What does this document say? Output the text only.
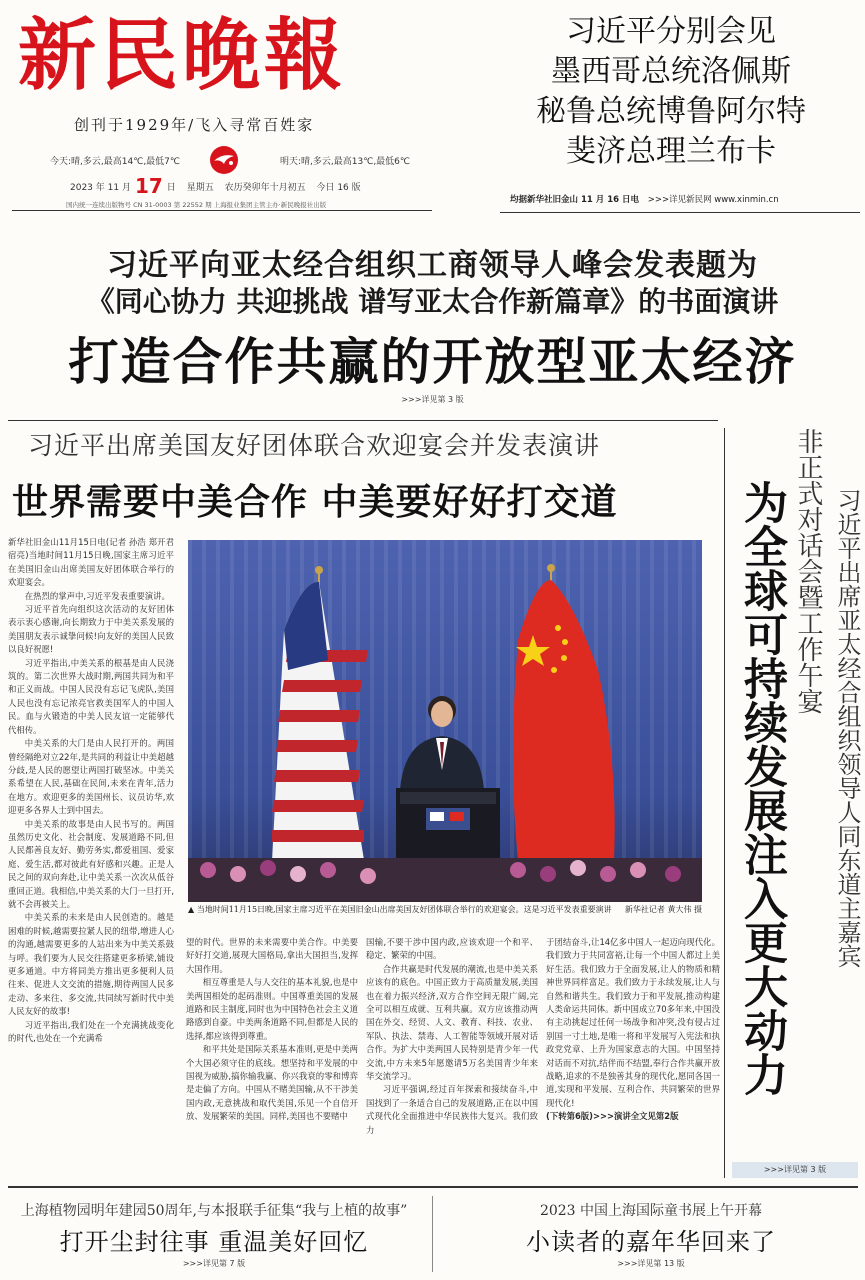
新民晚報
创刊于1929年/飞入寻常百姓家
今天:晴,多云,最高14℃,最低7℃	明天:晴,多云,最高13℃,最低6℃
2023 年 11 月 17 日 星期五 农历癸卯年十月初五 今日 16 版
国内统一连续出版物号 CN 31-0003 第 22552 期 上海报业集团主管主办·新民晚报社出版
习近平分别会见
墨西哥总统洛佩斯
秘鲁总统博鲁阿尔特
斐济总理兰布卡
均据新华社旧金山 11 月 16 日电 >>>详见新民网 www.xinmin.cn
习近平向亚太经合组织工商领导人峰会发表题为
《同心协力 共迎挑战 谱写亚太合作新篇章》的书面演讲
打造合作共赢的开放型亚太经济
>>>详见第 3 版
习近平出席美国友好团体联合欢迎宴会并发表演讲
世界需要中美合作 中美要好好打交道

新华社旧金山11月15日电(记者 孙浩 郑开君 宿亮)当地时间11月15日晚,国家主席习近平在美国旧金山出席美国友好团体联合举行的欢迎宴会。

在热烈的掌声中,习近平发表重要演讲。

习近平首先向组织这次活动的友好团体表示衷心感谢,向长期致力于中美关系发展的美国朋友表示诚挚问候!向友好的美国人民致以良好祝愿!

习近平指出,中美关系的根基是由人民浇筑的。第二次世界大战时期,两国共同为和平和正义而战。中国人民没有忘记飞虎队,美国人民也没有忘记浓亮官救美国军人的中国人民。血与火锻造的中美人民友谊一定能够代代相传。

中美关系的大门是由人民打开的。两国曾经隔绝对立22年,是共同的利益让中美超越分歧,是人民的愿望让两国打破坚冰。中美关系希望在人民,基础在民间,未来在青年,活力在地方。欢迎更多的美国州长、议员访华,欢迎更多各界人士到中国去。

中美关系的故事是由人民书写的。两国虽然历史文化、社会制度、发展道路不同,但人民都善良友好、勤劳务实,都爱祖国、爱家庭、爱生活,都对彼此有好感和兴趣。正是人民之间的双向奔赴,让中美关系一次次从低谷重回正道。我相信,中美关系的大门一旦打开,就不会再被关上。

中美关系的未来是由人民创造的。越是困难的时候,越需要拉紧人民的纽带,增进人心的沟通,越需要更多的人站出来为中美关系鼓与呼。我们要为人民交往搭建更多桥梁,铺设更多通道。中方将同美方推出更多便利人员往来、促进人文交流的措施,期待两国人民多走动、多来往、多交流,共同续写新时代中美人民友好的故事!

习近平指出,我们处在一个充满挑战变化的时代,也处在一个充满希

▲ 当地时间11月15日晚,国家主席习近平在美国旧金山出席美国友好团体联合举行的欢迎宴会。这是习近平发表重要演讲 新华社记者 黄大伟 摄

望的时代。世界的未来需要中美合作。中美要好好打交道,展现大国格局,拿出大国担当,发挥大国作用。

相互尊重是人与人交往的基本礼貌,也是中美两国相处的起码准则。中国尊重美国的发展道路和民主制度,同时也为中国特色社会主义道路感到自豪。中美两条道路不同,但都是人民的选择,都应该得到尊重。

和平共处是国际关系基本准则,更是中美两个大国必须守住的底线。想坚持和平发展的中国视为威胁,搞你输我赢、你兴我衰的零和博弈是走偏了方向。中国从不赌美国输,从不干涉美国内政,无意挑战和取代美国,乐见一个自信开放、发展繁荣的美国。同样,美国也不要赌中

国输,不要干涉中国内政,应该欢迎一个和平、稳定、繁荣的中国。

合作共赢是时代发展的潮流,也是中美关系应该有的底色。中国正致力于高质量发展,美国也在着力振兴经济,双方合作空间无限广阔,完全可以相互成就、互利共赢。双方应该推动两国在外交、经贸、人文、教育、科技、农业、军队、执法、禁毒、人工智能等领域开展对话合作。为扩大中美两国人民特别是青少年一代交流,中方未来5年愿邀请5万名美国青少年来华交流学习。

习近平强调,经过百年探索和接续奋斗,中国找到了一条适合自己的发展道路,正在以中国式现代化全面推进中华民族伟大复兴。我们致力

于团结奋斗,让14亿多中国人一起迈向现代化。我们致力于共同富裕,让每一个中国人都过上美好生活。我们致力于全面发展,让人的物质和精神世界同样富足。我们致力于永续发展,让人与自然和谐共生。我们致力于和平发展,推动构建人类命运共同体。新中国成立70多年来,中国没有主动挑起过任何一场战争和冲突,没有侵占过别国一寸土地,是唯一将和平发展写入宪法和执政党党章、上升为国家意志的大国。中国坚持对话而不对抗,结伴而不结盟,奉行合作共赢开放战略,追求的不是独善其身的现代化,愿同各国一道,实现和平发展、互利合作、共同繁荣的世界现代化!

(下转第6版)>>>演讲全文见第2版

习近平出席亚太经合组织领导人同东道主嘉宾
非正式对话会暨工作午宴
为全球可持续发展注入更大动力
>>>详见第 3 版
上海植物园明年建园50周年,与本报联手征集“我与上植的故事”
打开尘封往事 重温美好回忆
>>>详见第 7 版
2023 中国上海国际童书展上午开幕
小读者的嘉年华回来了
>>>详见第 13 版
